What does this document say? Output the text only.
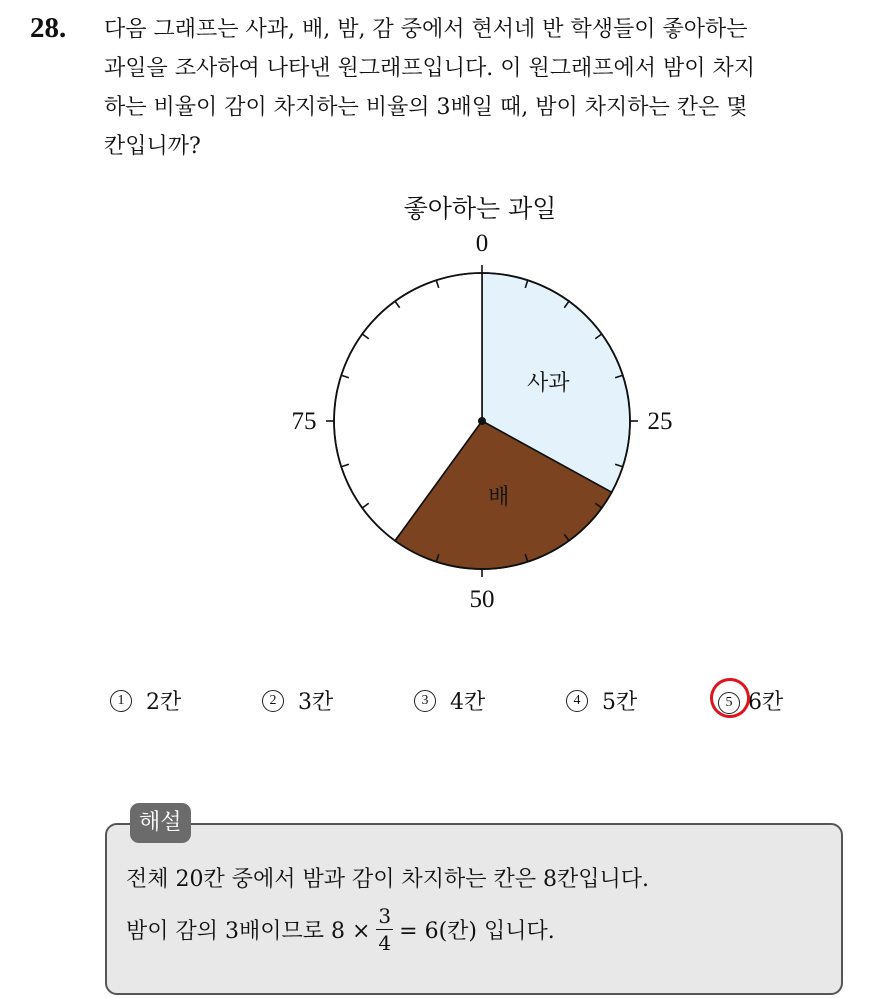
28. 다음 그래프는 사과, 배, 밤, 감 중에서 현서네 반 학생들이 좋아하는
과일을 조사하여 나타낸 원그래프입니다. 이 원그래프에서 밤이 차지
하는 비율이 감이 차지하는 비율의 3배일 때, 밤이 차지하는 칸은 몇
칸입니까?
좋아하는 과일
0
25
50
75
사과
배
1 2칸	2 3칸	3 4칸	4 5칸	5 6칸
해설
전체 20칸 중에서 밤과 감이 차지하는 칸은 8칸입니다.
밤이 감의 3배이므로 $8 \times \frac{3}{4} = 6$(칸) 입니다.
